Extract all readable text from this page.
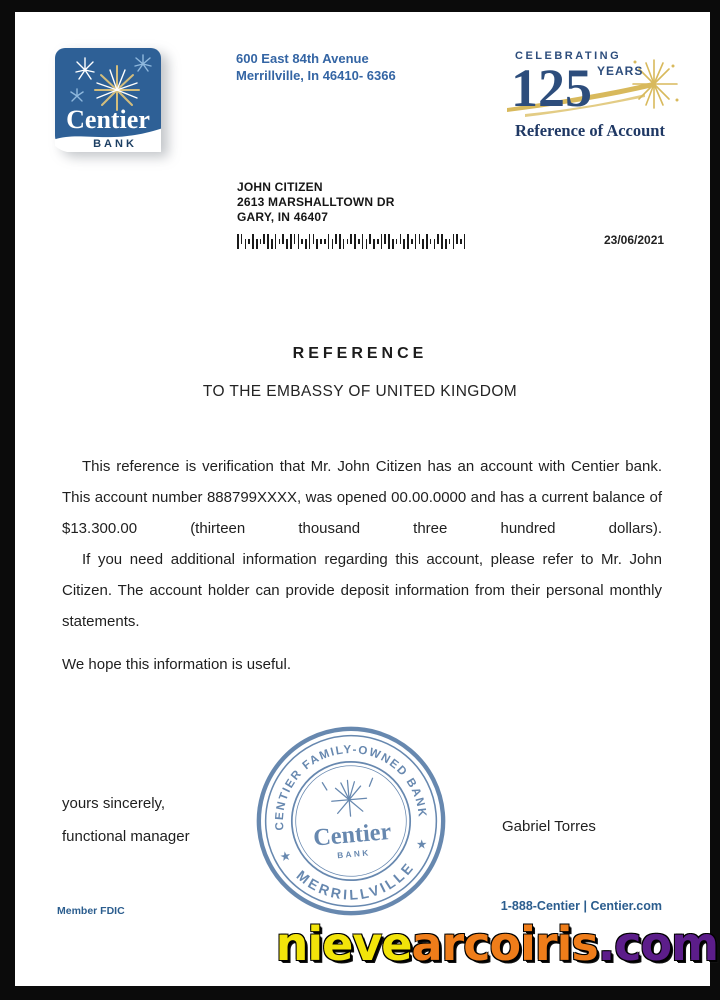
Centier
BANK
600 East 84th Avenue
Merrillville, In 46410- 6366
CELEBRATING
125 YEARS
Reference of Account
JOHN CITIZEN
2613 MARSHALLTOWN DR
GARY, IN 46407
23/06/2021
REFERENCE
TO THE EMBASSY OF UNITED KINGDOM

This reference is verification that Mr. John Citizen has an account with Centier bank. This account number 888799XXXX, was opened 00.00.0000 and has a current balance of $13.300.00 (thirteen thousand three hundred dollars).

If you need additional information regarding this account, please refer to Mr. John Citizen. The account holder can provide deposit information from their personal monthly statements.

We hope this information is useful.

yours sincerely,
functional manager
Gabriel Torres
CENTIER FAMILY-OWNED BANK
MERRILLVILLE
★
★
Centier
BANK
Member FDIC	1-888-Centier | Centier.com
nievearcoiris.com
